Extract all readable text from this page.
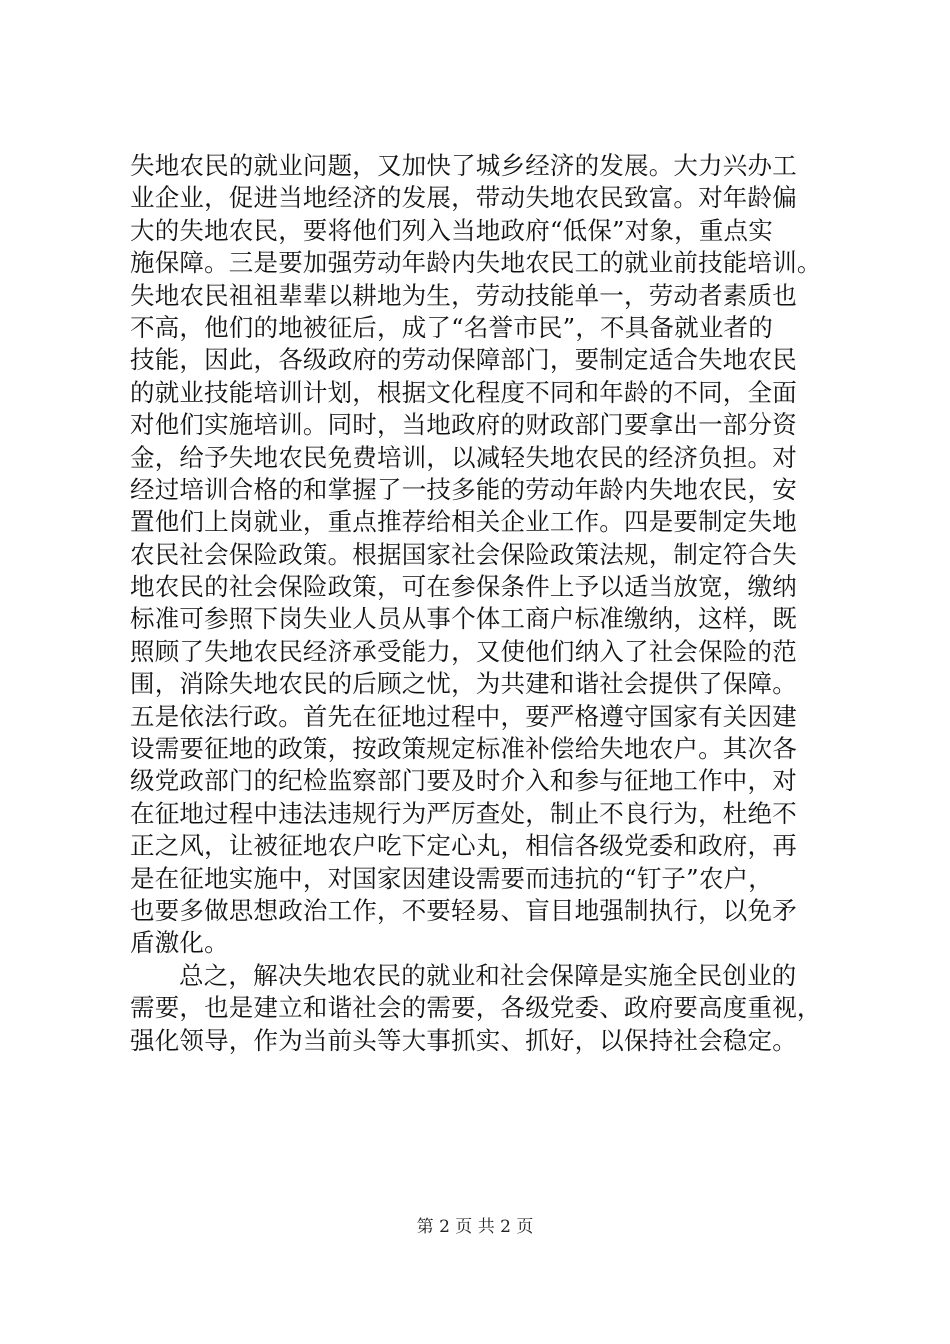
失地农民的就业问题，又加快了城乡经济的发展。大力兴办工
业企业，促进当地经济的发展，带动失地农民致富。对年龄偏
大的失地农民，要将他们列入当地政府“低保”对象，重点实
施保障。三是要加强劳动年龄内失地农民工的就业前技能培训。
失地农民祖祖辈辈以耕地为生，劳动技能单一，劳动者素质也
不高，他们的地被征后，成了“名誉市民”，不具备就业者的
技能，因此，各级政府的劳动保障部门，要制定适合失地农民
的就业技能培训计划，根据文化程度不同和年龄的不同，全面
对他们实施培训。同时，当地政府的财政部门要拿出一部分资
金，给予失地农民免费培训，以减轻失地农民的经济负担。对
经过培训合格的和掌握了一技多能的劳动年龄内失地农民，安
置他们上岗就业，重点推荐给相关企业工作。四是要制定失地
农民社会保险政策。根据国家社会保险政策法规，制定符合失
地农民的社会保险政策，可在参保条件上予以适当放宽，缴纳
标准可参照下岗失业人员从事个体工商户标准缴纳，这样，既
照顾了失地农民经济承受能力，又使他们纳入了社会保险的范
围，消除失地农民的后顾之忧，为共建和谐社会提供了保障。
五是依法行政。首先在征地过程中，要严格遵守国家有关因建
设需要征地的政策，按政策规定标准补偿给失地农户。其次各
级党政部门的纪检监察部门要及时介入和参与征地工作中，对
在征地过程中违法违规行为严厉查处，制止不良行为，杜绝不
正之风，让被征地农户吃下定心丸，相信各级党委和政府，再
是在征地实施中，对国家因建设需要而违抗的“钉子”农户，
也要多做思想政治工作，不要轻易、盲目地强制执行，以免矛
盾激化。
总之，解决失地农民的就业和社会保障是实施全民创业的
需要，也是建立和谐社会的需要，各级党委、政府要高度重视，
强化领导，作为当前头等大事抓实、抓好，以保持社会稳定。
第 2 页 共 2 页
